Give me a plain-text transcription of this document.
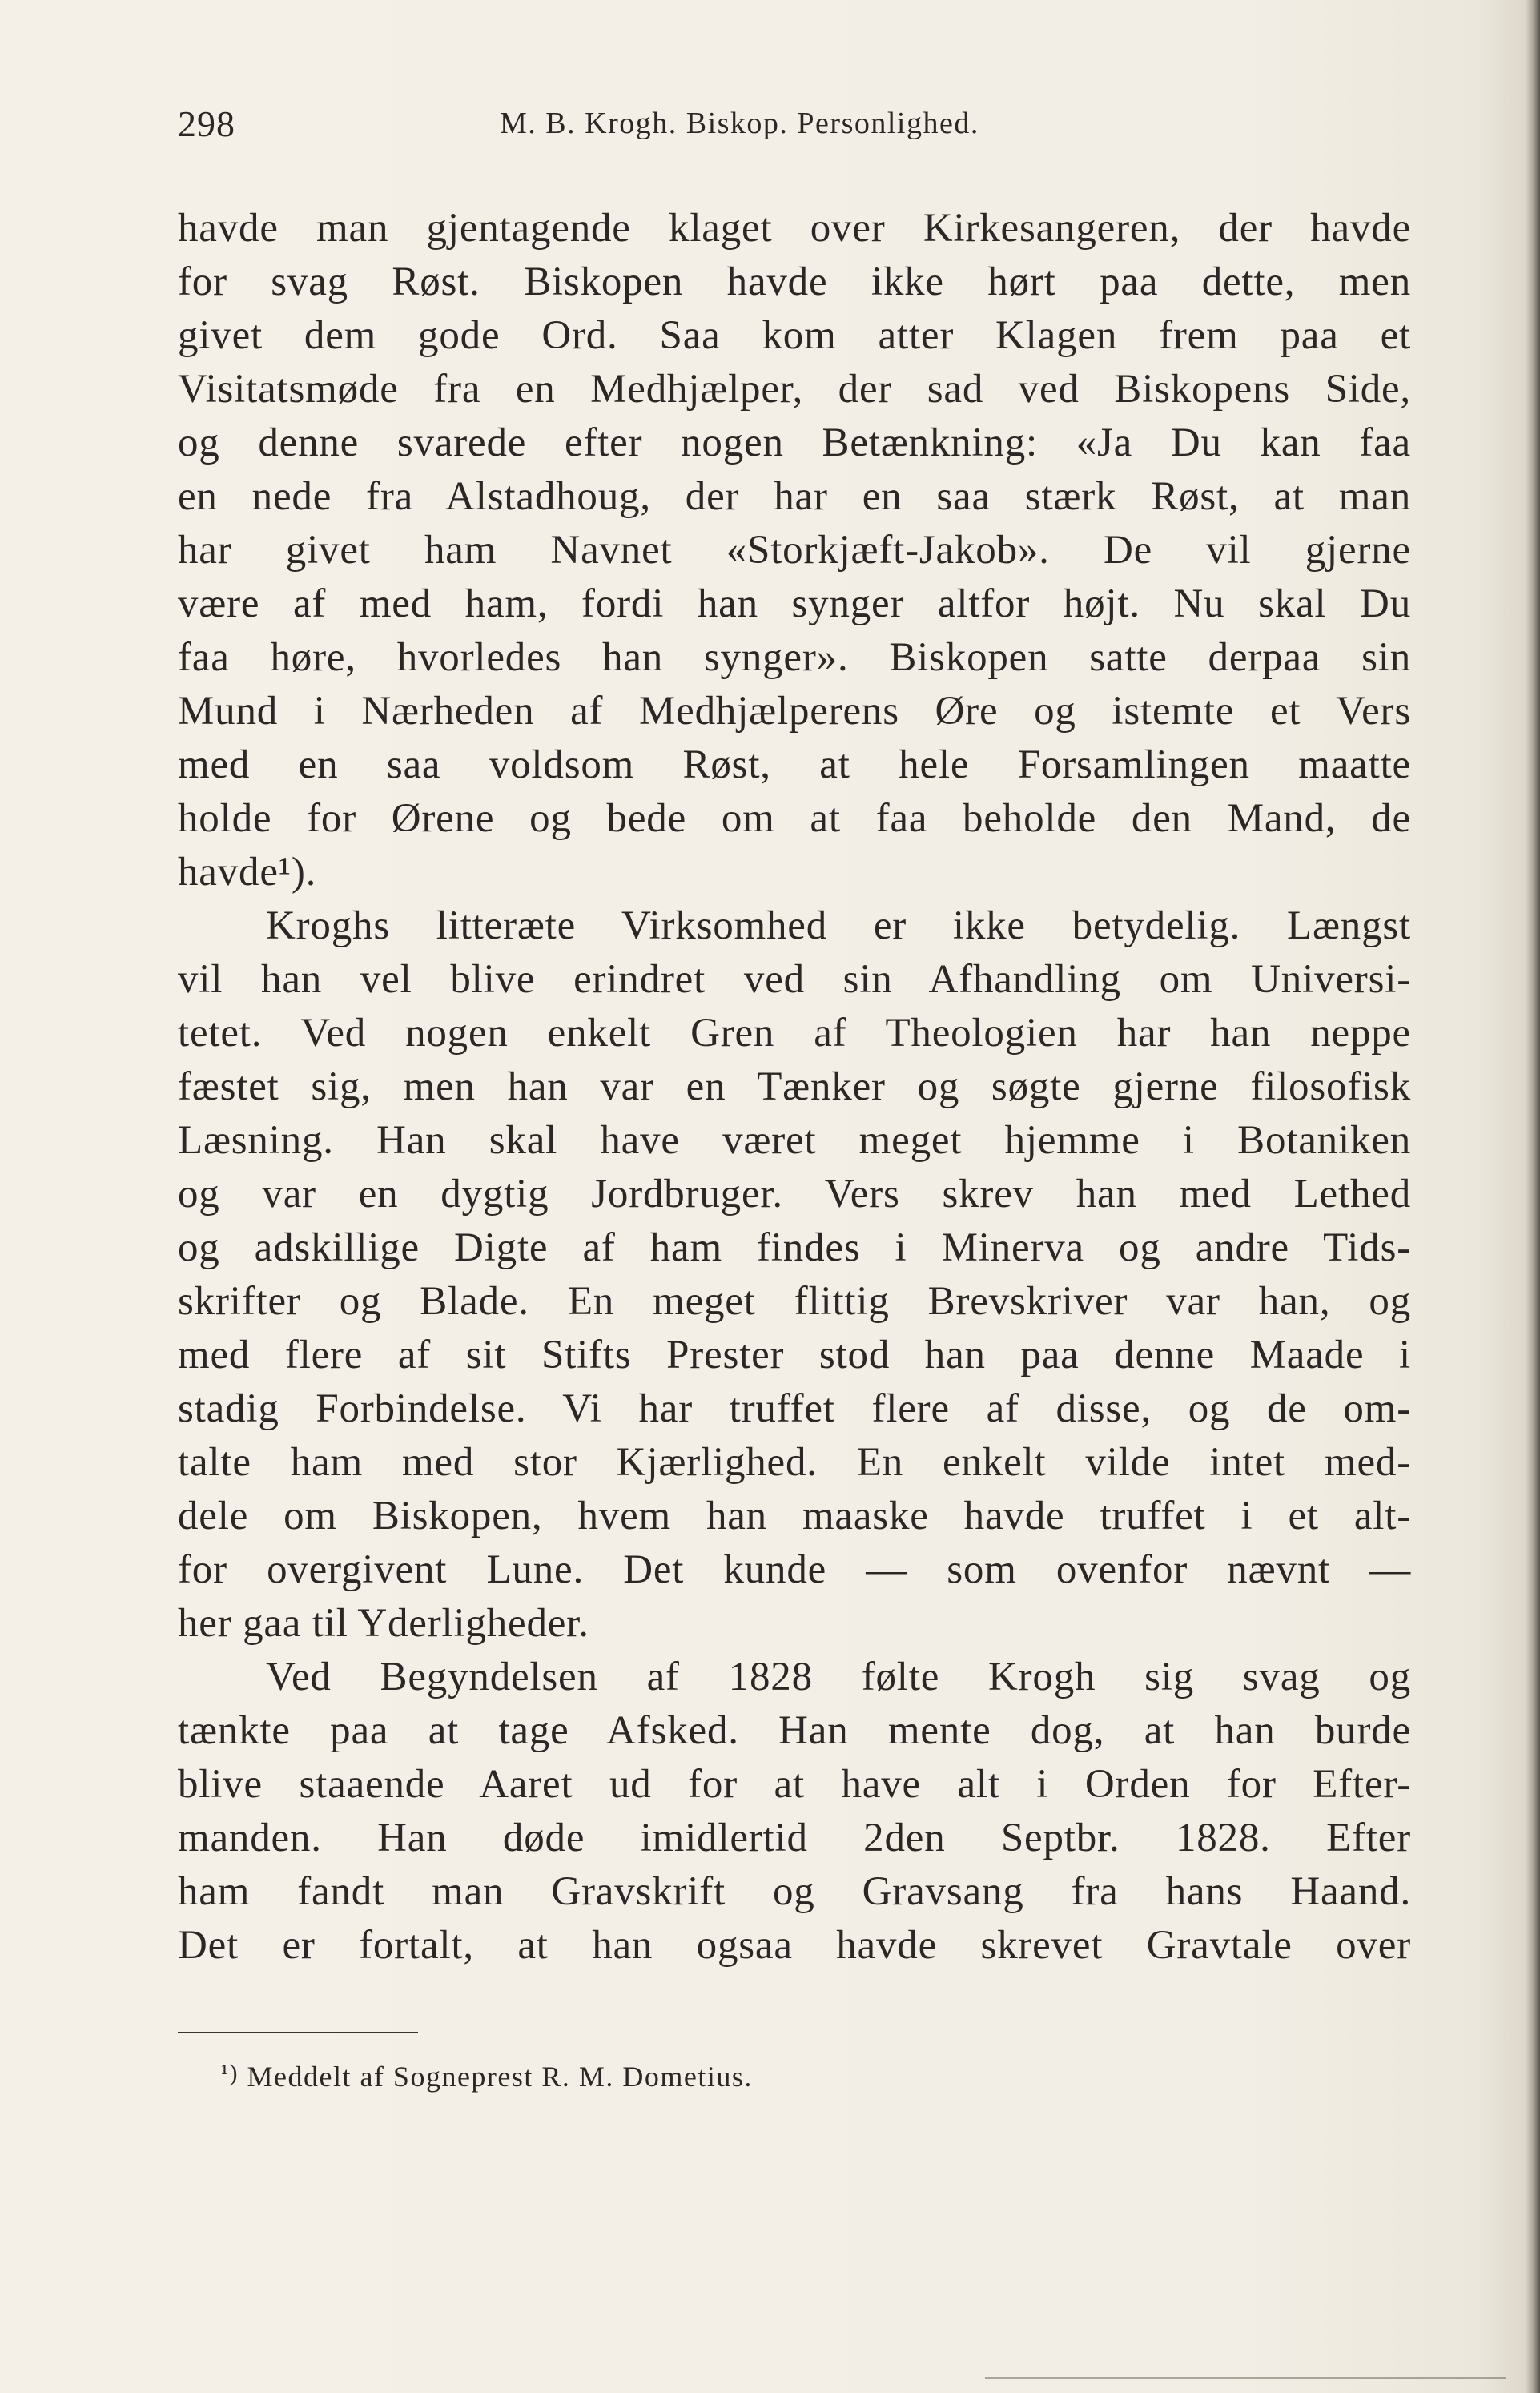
298	M. B. Krogh. Biskop. Personlighed.
havde man gjentagende klaget over Kirkesangeren, der havde
for svag Røst. Biskopen havde ikke hørt paa dette, men
givet dem gode Ord. Saa kom atter Klagen frem paa et
Visitatsmøde fra en Medhjælper, der sad ved Biskopens Side,
og denne svarede efter nogen Betænkning: «Ja Du kan faa
en nede fra Alstadhoug, der har en saa stærk Røst, at man
har givet ham Navnet «Storkjæft-Jakob». De vil gjerne
være af med ham, fordi han synger altfor højt. Nu skal Du
faa høre, hvorledes han synger». Biskopen satte derpaa sin
Mund i Nærheden af Medhjælperens Øre og istemte et Vers
med en saa voldsom Røst, at hele Forsamlingen maatte
holde for Ørene og bede om at faa beholde den Mand, de
havde¹).
Kroghs litteræte Virksomhed er ikke betydelig. Længst
vil han vel blive erindret ved sin Afhandling om Universi-
tetet. Ved nogen enkelt Gren af Theologien har han neppe
fæstet sig, men han var en Tænker og søgte gjerne filosofisk
Læsning. Han skal have været meget hjemme i Botaniken
og var en dygtig Jordbruger. Vers skrev han med Lethed
og adskillige Digte af ham findes i Minerva og andre Tids-
skrifter og Blade. En meget flittig Brevskriver var han, og
med flere af sit Stifts Prester stod han paa denne Maade i
stadig Forbindelse. Vi har truffet flere af disse, og de om-
talte ham med stor Kjærlighed. En enkelt vilde intet med-
dele om Biskopen, hvem han maaske havde truffet i et alt-
for overgivent Lune. Det kunde — som ovenfor nævnt —
her gaa til Yderligheder.
Ved Begyndelsen af 1828 følte Krogh sig svag og
tænkte paa at tage Afsked. Han mente dog, at han burde
blive staaende Aaret ud for at have alt i Orden for Efter-
manden. Han døde imidlertid 2den Septbr. 1828. Efter
ham fandt man Gravskrift og Gravsang fra hans Haand.
Det er fortalt, at han ogsaa havde skrevet Gravtale over
$^{^1)}$ Meddelt af Sogneprest R. M. Dometius.
